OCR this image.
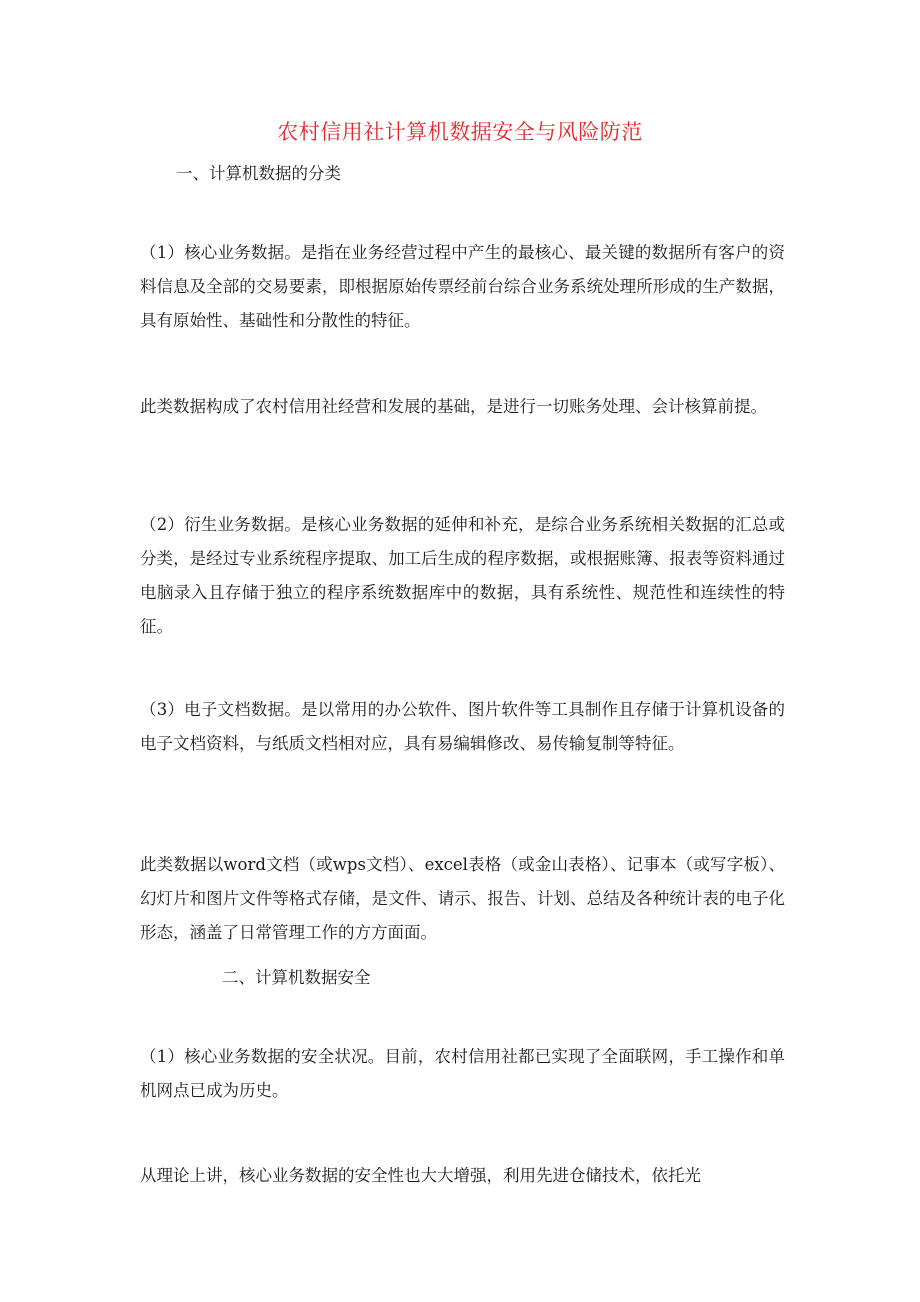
农村信用社计算机数据安全与风险防范
一、计算机数据的分类
（1）核心业务数据。是指在业务经营过程中产生的最核心、最关键的数据所有客户的资料信息及全部的交易要素，即根据原始传票经前台综合业务系统处理所形成的生产数据，具有原始性、基础性和分散性的特征。
此类数据构成了农村信用社经营和发展的基础，是进行一切账务处理、会计核算前提。
（2）衍生业务数据。是核心业务数据的延伸和补充，是综合业务系统相关数据的汇总或分类，是经过专业系统程序提取、加工后生成的程序数据，或根据账簿、报表等资料通过电脑录入且存储于独立的程序系统数据库中的数据，具有系统性、规范性和连续性的特征。
（3）电子文档数据。是以常用的办公软件、图片软件等工具制作且存储于计算机设备的电子文档资料，与纸质文档相对应，具有易编辑修改、易传输复制等特征。
此类数据以word文档（或wps文档）、excel表格（或金山表格）、记事本（或写字板）、幻灯片和图片文件等格式存储，是文件、请示、报告、计划、总结及各种统计表的电子化形态，涵盖了日常管理工作的方方面面。
二、计算机数据安全
（1）核心业务数据的安全状况。目前，农村信用社都已实现了全面联网，手工操作和单机网点已成为历史。
从理论上讲，核心业务数据的安全性也大大增强，利用先进仓储技术，依托光
